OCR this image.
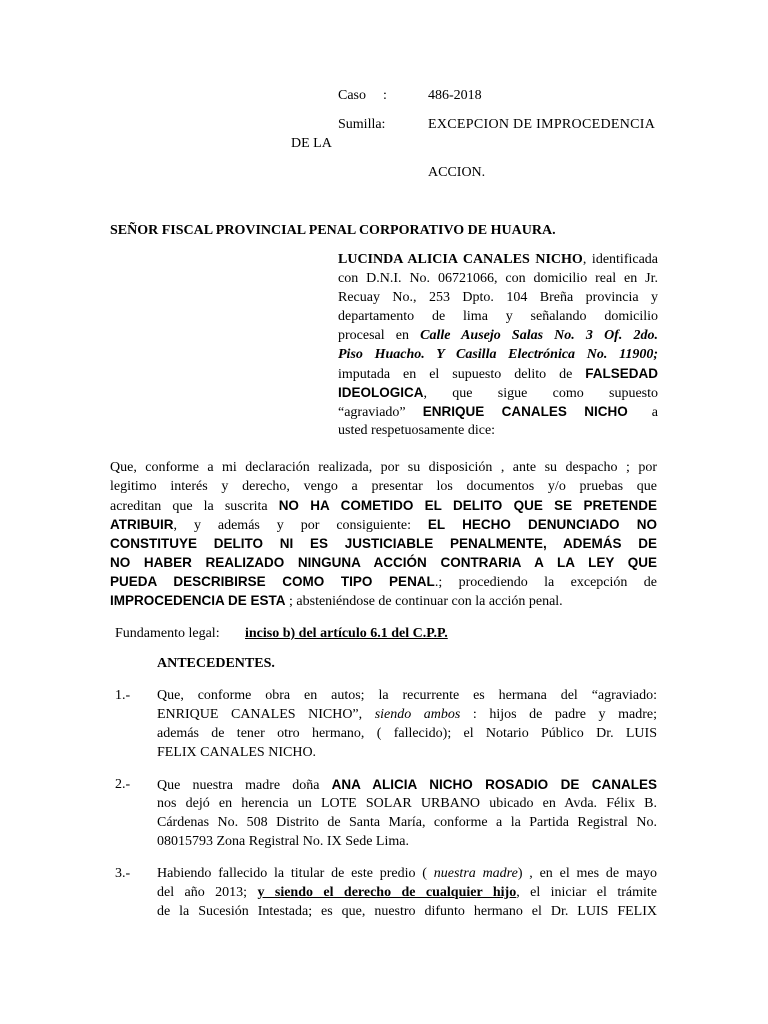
Caso :	486-2018
Sumilla:	EXCEPCION DE IMPROCEDENCIA
DE LA
ACCION.
SEÑOR FISCAL PROVINCIAL PENAL CORPORATIVO DE HUAURA.
LUCINDA ALICIA CANALES NICHO, identificada
con D.N.I. No. 06721066, con domicilio real en Jr.
Recuay No., 253 Dpto. 104 Breña provincia y
departamento de lima y señalando domicilio
procesal en Calle Ausejo Salas No. 3 Of. 2do.
Piso Huacho. Y Casilla Electrónica No. 11900;
imputada en el supuesto delito de FALSEDAD
IDEOLOGICA, que sigue como supuesto
“agraviado” ENRIQUE CANALES NICHO a
usted respetuosamente dice:
Que, conforme a mi declaración realizada, por su disposición , ante su despacho ; por
legitimo interés y derecho, vengo a presentar los documentos y/o pruebas que
acreditan que la suscrita NO HA COMETIDO EL DELITO QUE SE PRETENDE
ATRIBUIR, y además y por consiguiente: EL HECHO DENUNCIADO NO
CONSTITUYE DELITO NI ES JUSTICIABLE PENALMENTE, ADEMÁS DE
NO HABER REALIZADO NINGUNA ACCIÓN CONTRARIA A LA LEY QUE
PUEDA DESCRIBIRSE COMO TIPO PENAL.; procediendo la excepción de
IMPROCEDENCIA DE ESTA ; absteniéndose de continuar con la acción penal.
Fundamento legal: inciso b) del artículo 6.1 del C.P.P.
ANTECEDENTES.
1.- Que, conforme obra en autos; la recurrente es hermana del “agraviado:
ENRIQUE CANALES NICHO”, siendo ambos : hijos de padre y madre;
además de tener otro hermano, ( fallecido); el Notario Público Dr. LUIS
FELIX CANALES NICHO.
2.- Que nuestra madre doña ANA ALICIA NICHO ROSADIO DE CANALES
nos dejó en herencia un LOTE SOLAR URBANO ubicado en Avda. Félix B.
Cárdenas No. 508 Distrito de Santa María, conforme a la Partida Registral No.
08015793 Zona Registral No. IX Sede Lima.
3.- Habiendo fallecido la titular de este predio ( nuestra madre) , en el mes de mayo
del año 2013; y siendo el derecho de cualquier hijo, el iniciar el trámite
de la Sucesión Intestada; es que, nuestro difunto hermano el Dr. LUIS FELIX
